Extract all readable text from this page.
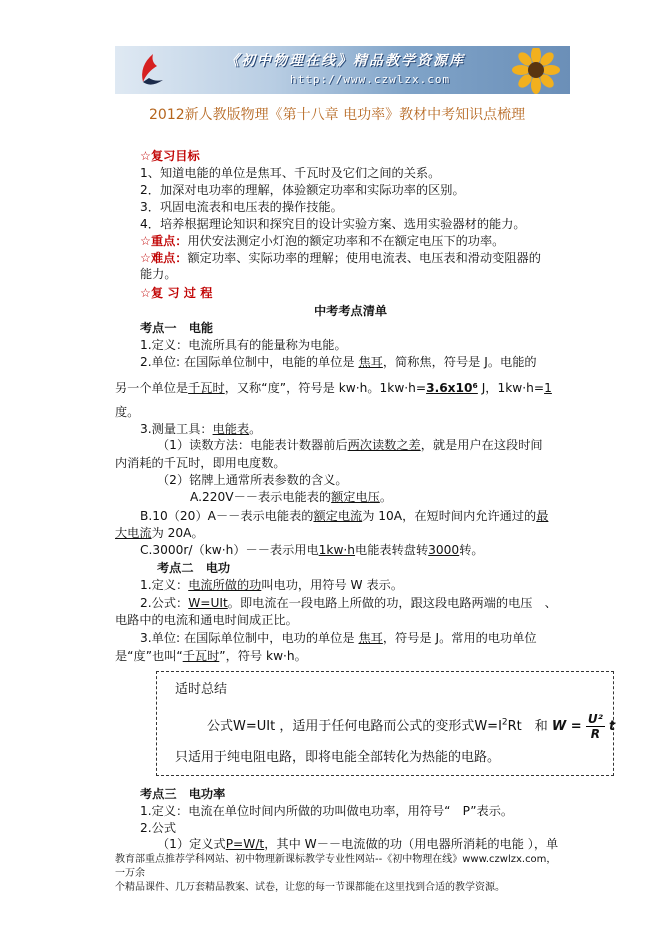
《初中物理在线》精品教学资源库
http://www.czwlzx.com
2012新人教版物理《第十八章 电功率》教材中考知识点梳理
☆复习目标
1、知道电能的单位是焦耳、千瓦时及它们之间的关系。
2．加深对电功率的理解，体验额定功率和实际功率的区别。
3．巩固电流表和电压表的操作技能。
4．培养根据理论知识和探究目的设计实验方案、选用实验器材的能力。
☆重点：用伏安法测定小灯泡的额定功率和不在额定电压下的功率。
☆难点：额定功率、实际功率的理解；使用电流表、电压表和滑动变阻器的
能力。
☆复 习 过 程
中考考点清单
考点一　电能
1.定义：电流所具有的能量称为电能。
2.单位: 在国际单位制中，电能的单位是 焦耳，简称焦，符号是 J。电能的
另一个单位是千瓦时，又称“度”，符号是 kw·h。1kw·h=3.6x10⁶ J，1kw·h=1
度。
3.测量工具：电能表。
（1）读数方法：电能表计数器前后两次读数之差，就是用户在这段时间
内消耗的千瓦时，即用电度数。
（2）铭牌上通常所表参数的含义。
A.220V－－表示电能表的额定电压。
B.10（20）A－－表示电能表的额定电流为 10A，在短时间内允许通过的最
大电流为 20A。
C.3000r/（kw·h）－－表示用电1kw·h电能表转盘转3000转。
考点二　电功
1.定义：电流所做的功叫电功，用符号 W 表示。
2.公式：W=UIt。即电流在一段电路上所做的功，跟这段电路两端的电压　、
电路中的电流和通电时间成正比。
3.单位: 在国际单位制中，电功的单位是 焦耳，符号是 J。常用的电功单位
是“度”也叫“千瓦时”，符号 kw·h。
适时总结
公式W=UIt ，适用于任何电路而公式的变形式$W=I^2Rt$　和 $W = \frac{\text{U²}}{R}$ t
只适用于纯电阻电路，即将电能全部转化为热能的电路。
考点三　电功率
1.定义：电流在单位时间内所做的功叫做电功率，用符号“　P”表示。
2.公式
（1）定义式P=W/t，其中 W－－电流做的功（用电器所消耗的电能 ），单
教育部重点推荐学科网站、初中物理新课标教学专业性网站--《初中物理在线》www.czwlzx.com，一万余
个精品课件、几万套精品教案、试卷，让您的每一节课都能在这里找到合适的教学资源。
